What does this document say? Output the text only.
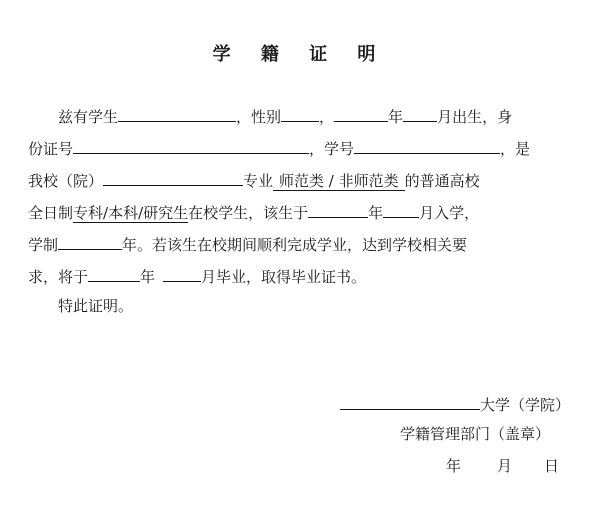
学 籍 证 明
兹有学生	，性别	，	年 月出生，身
份证号	，学号	，是
我校（院）	专业 师范类 / 非师范类 的普通高校
全日制专科/本科/研究生在校学生，该生于	年 月入学，
学制	年。若该生在校期间顺利完成学业，达到学校相关要
求，将于	年	月毕业，取得毕业证书。
特此证明。
大学（学院）
学籍管理部门（盖章）
年 月 日
